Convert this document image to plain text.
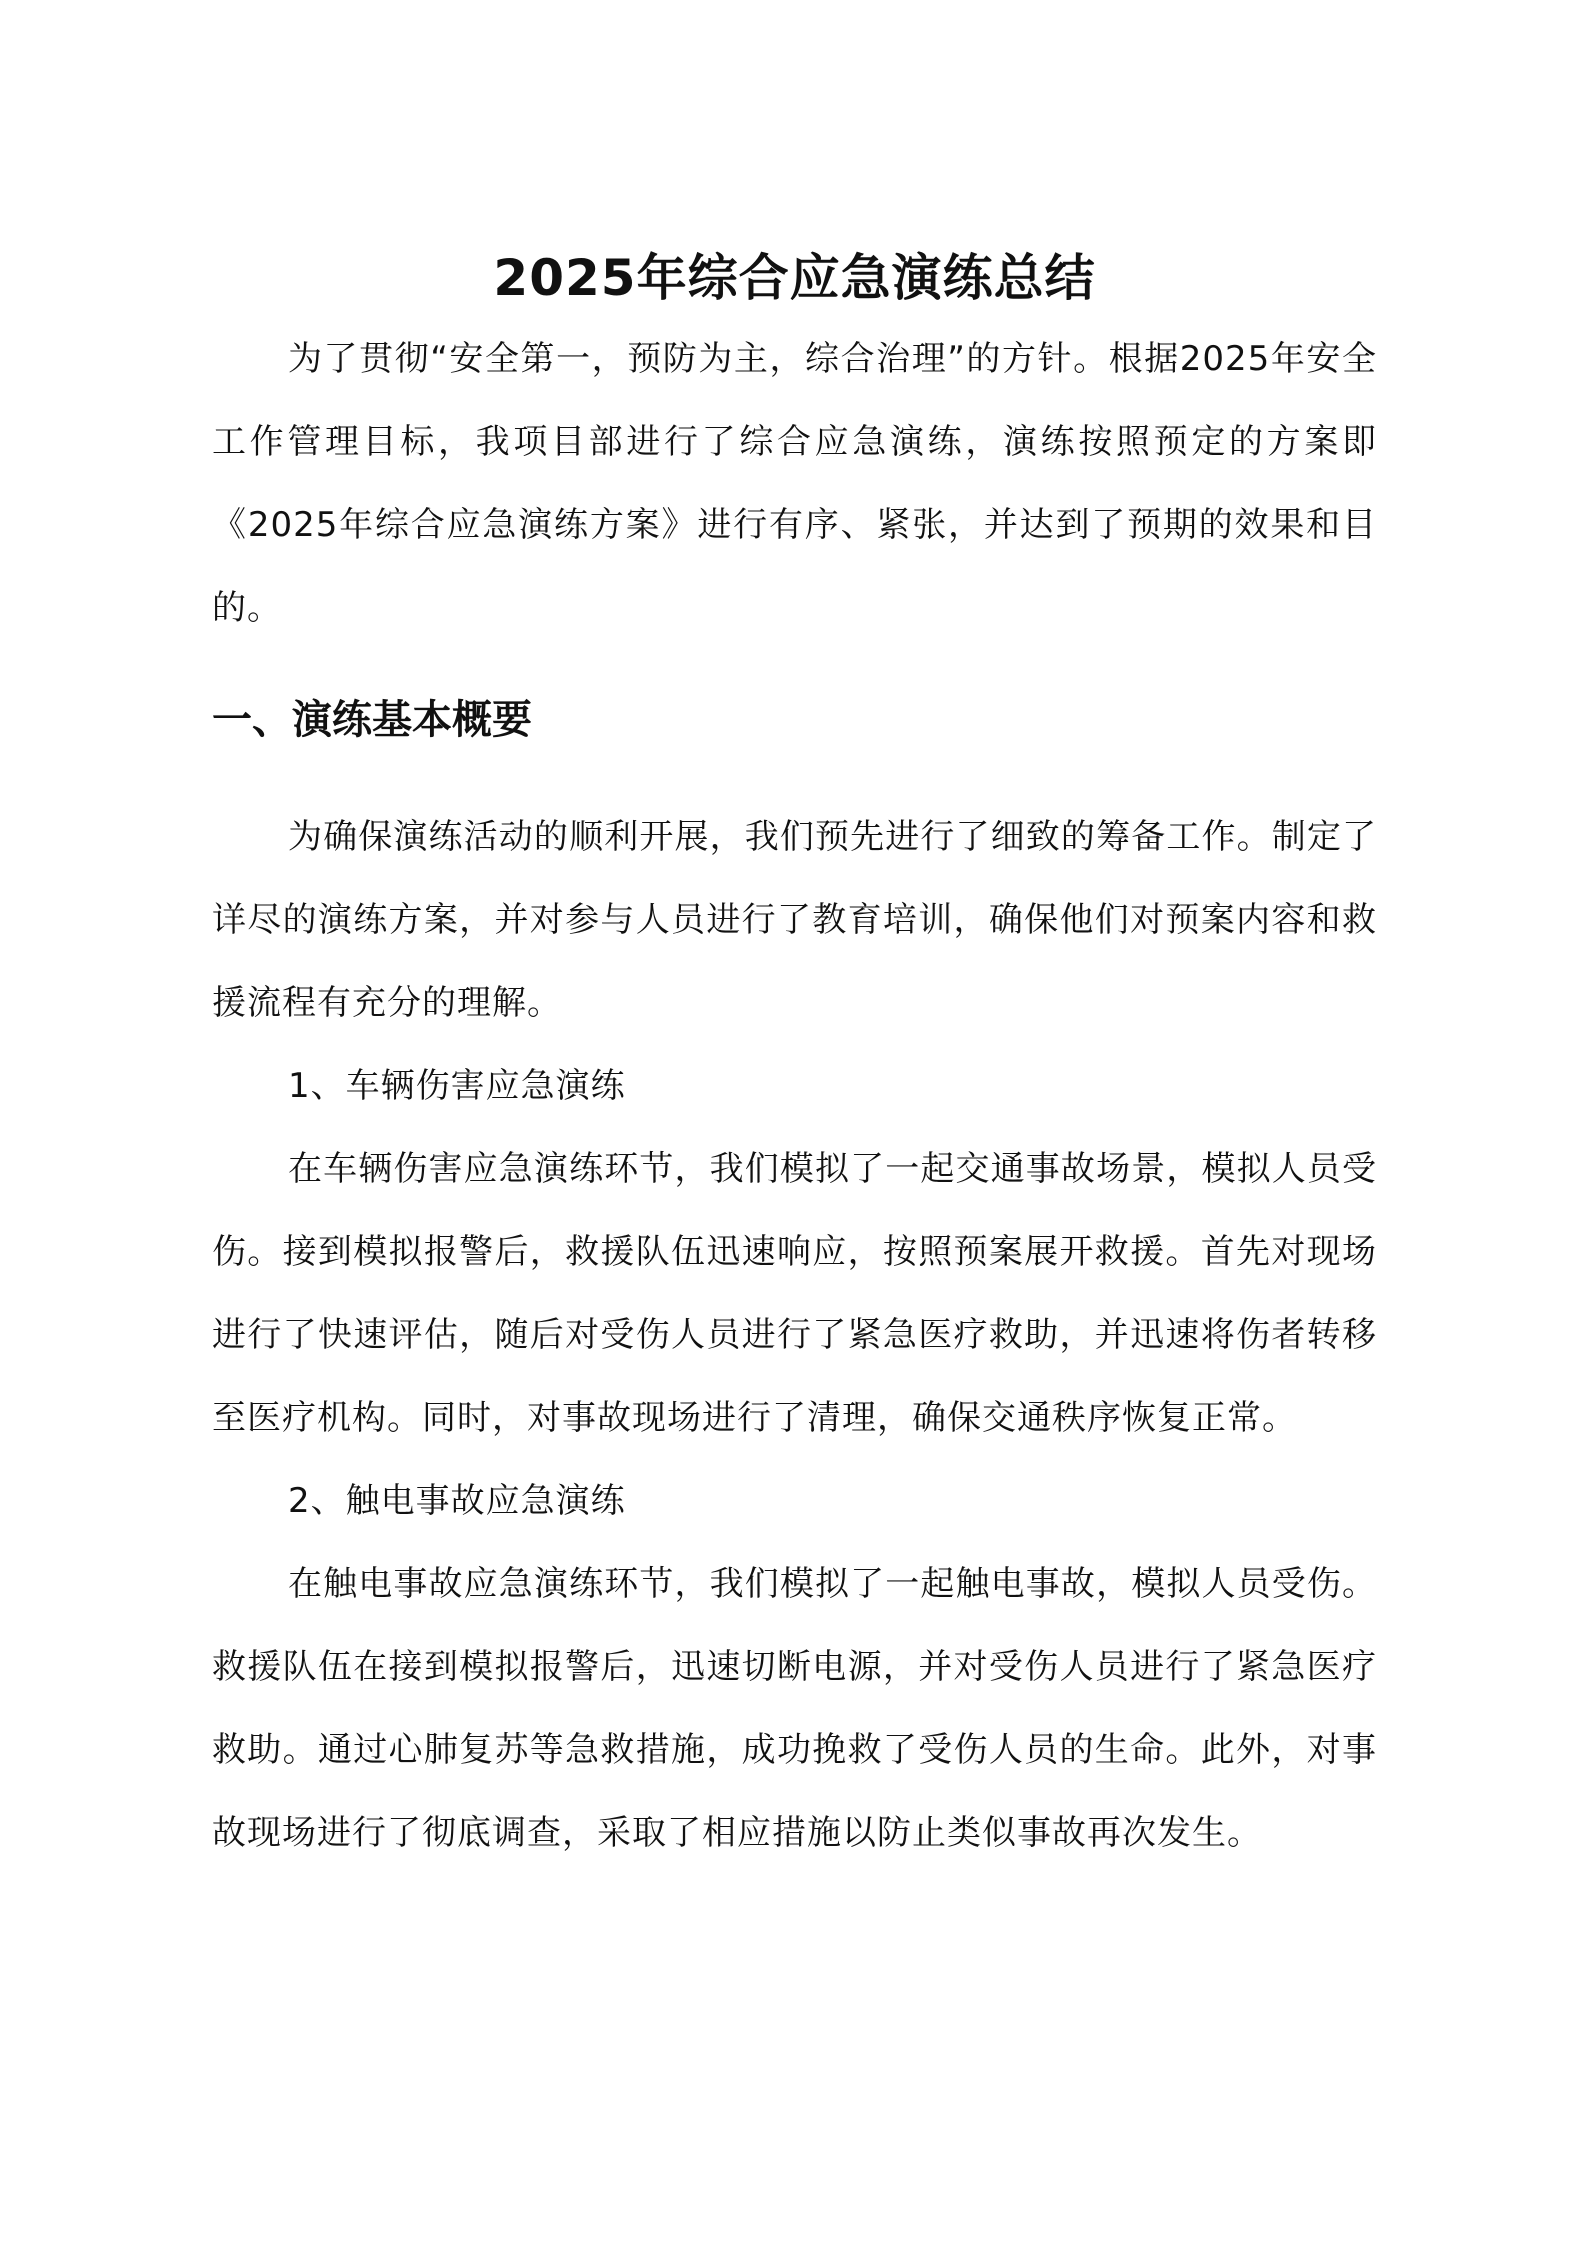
2025年综合应急演练总结

为了贯彻“安全第一，预防为主，综合治理”的方针。根据2025年安全工作管理目标，我项目部进行了综合应急演练，演练按照预定的方案即《2025年综合应急演练方案》进行有序、紧张，并达到了预期的效果和目的。

一、演练基本概要

为确保演练活动的顺利开展，我们预先进行了细致的筹备工作。制定了详尽的演练方案，并对参与人员进行了教育培训，确保他们对预案内容和救援流程有充分的理解。

1、车辆伤害应急演练

在车辆伤害应急演练环节，我们模拟了一起交通事故场景，模拟人员受伤。接到模拟报警后，救援队伍迅速响应，按照预案展开救援。首先对现场进行了快速评估，随后对受伤人员进行了紧急医疗救助，并迅速将伤者转移至医疗机构。同时，对事故现场进行了清理，确保交通秩序恢复正常。

2、触电事故应急演练

在触电事故应急演练环节，我们模拟了一起触电事故，模拟人员受伤。救援队伍在接到模拟报警后，迅速切断电源，并对受伤人员进行了紧急医疗救助。通过心肺复苏等急救措施，成功挽救了受伤人员的生命。此外，对事故现场进行了彻底调查，采取了相应措施以防止类似事故再次发生。
